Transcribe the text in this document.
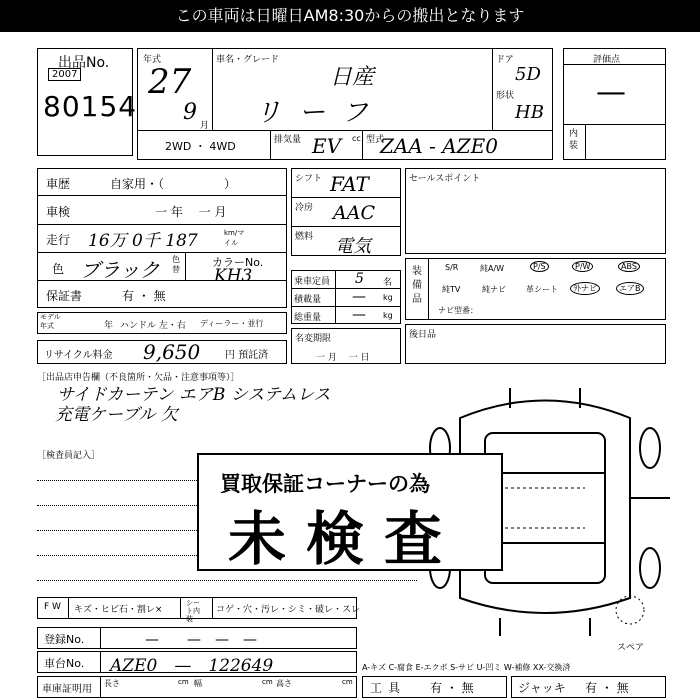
この車両は日曜日AM8:30からの搬出となります
出品No.
2007
80154
年式
27
9
月
車名・グレード
日産
リーフ
ドア
5D
形状
HB
2WD ・ 4WD	排気量 EV cc 型式
ZAA - AZE0
評価点
—
内装
車歴	自家用・（　　　　　）
車検	一 年 　一 月
走行 16万 0千 187	km/マイル
色 ブラック 色替
カラーNo.
KH3
保証書	有 ・ 無
モデル年式	年 ハンドル 左・右 ディーラー・並行
リサイクル料金 9,650 円 預託済
シフト FAT
冷房 AAC
燃料 電気
乗車定員 5 名
積載量 — kg
総重量 — kg
名変期限
一 月 　一 日
セールスポイント
装備品
S/R	純A/W	P/S	P/W	ABS
純TV	純ナビ	革シート	外ナビ	エアB
ナビ型番：
後日品
［出品店申告欄（不良箇所・欠品・注意事項等）］
サイドカーテン エアB システムレス
充電ケーブル 欠
［検査員記入］
買取保証コーナーの為
未検査
F W キズ・ヒビ石・割レ×
シート内装
コゲ・穴・汚レ・シミ・破レ・スレ
登録No.	—　　—　—　—
車台No. AZE0　—　122649	A-キズ C-腐食 E-エクボ S-サビ U-凹ミ W-補修 XX-交換済
スペア
車庫証明用
長さ	cm 幅	cm 高さ	cm 工具 有 ・ 無	ジャッキ 有 ・ 無
